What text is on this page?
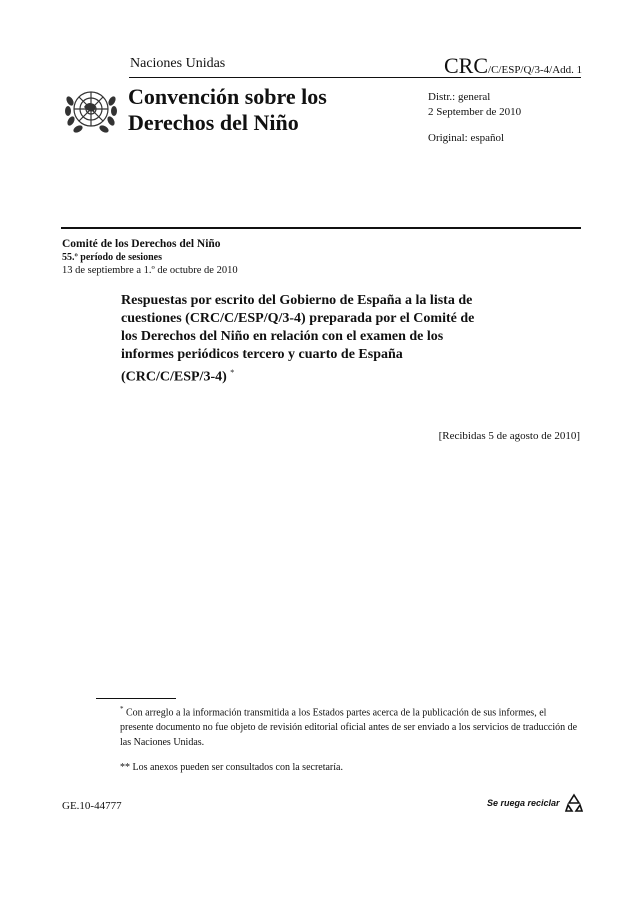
Naciones Unidas	CRC/C/ESP/Q/3-4/Add. 1
Convención sobre los
Derechos del Niño
Distr.: general
2 September de 2010
Original: español
Comité de los Derechos del Niño
55.º período de sesiones
13 de septiembre a 1.º de octubre de 2010
Respuestas por escrito del Gobierno de España a la lista de
cuestiones (CRC/C/ESP/Q/3-4) preparada por el Comité de
los Derechos del Niño en relación con el examen de los
informes periódicos tercero y cuarto de España
(CRC/C/ESP/3-4) *
[Recibidas 5 de agosto de 2010]
* Con arreglo a la información transmitida a los Estados partes acerca de la publicación de sus informes, el presente documento no fue objeto de revisión editorial oficial antes de ser enviado a los servicios de traducción de las Naciones Unidas.
** Los anexos pueden ser consultados con la secretaría.
GE.10-44777	Se ruega reciclar
